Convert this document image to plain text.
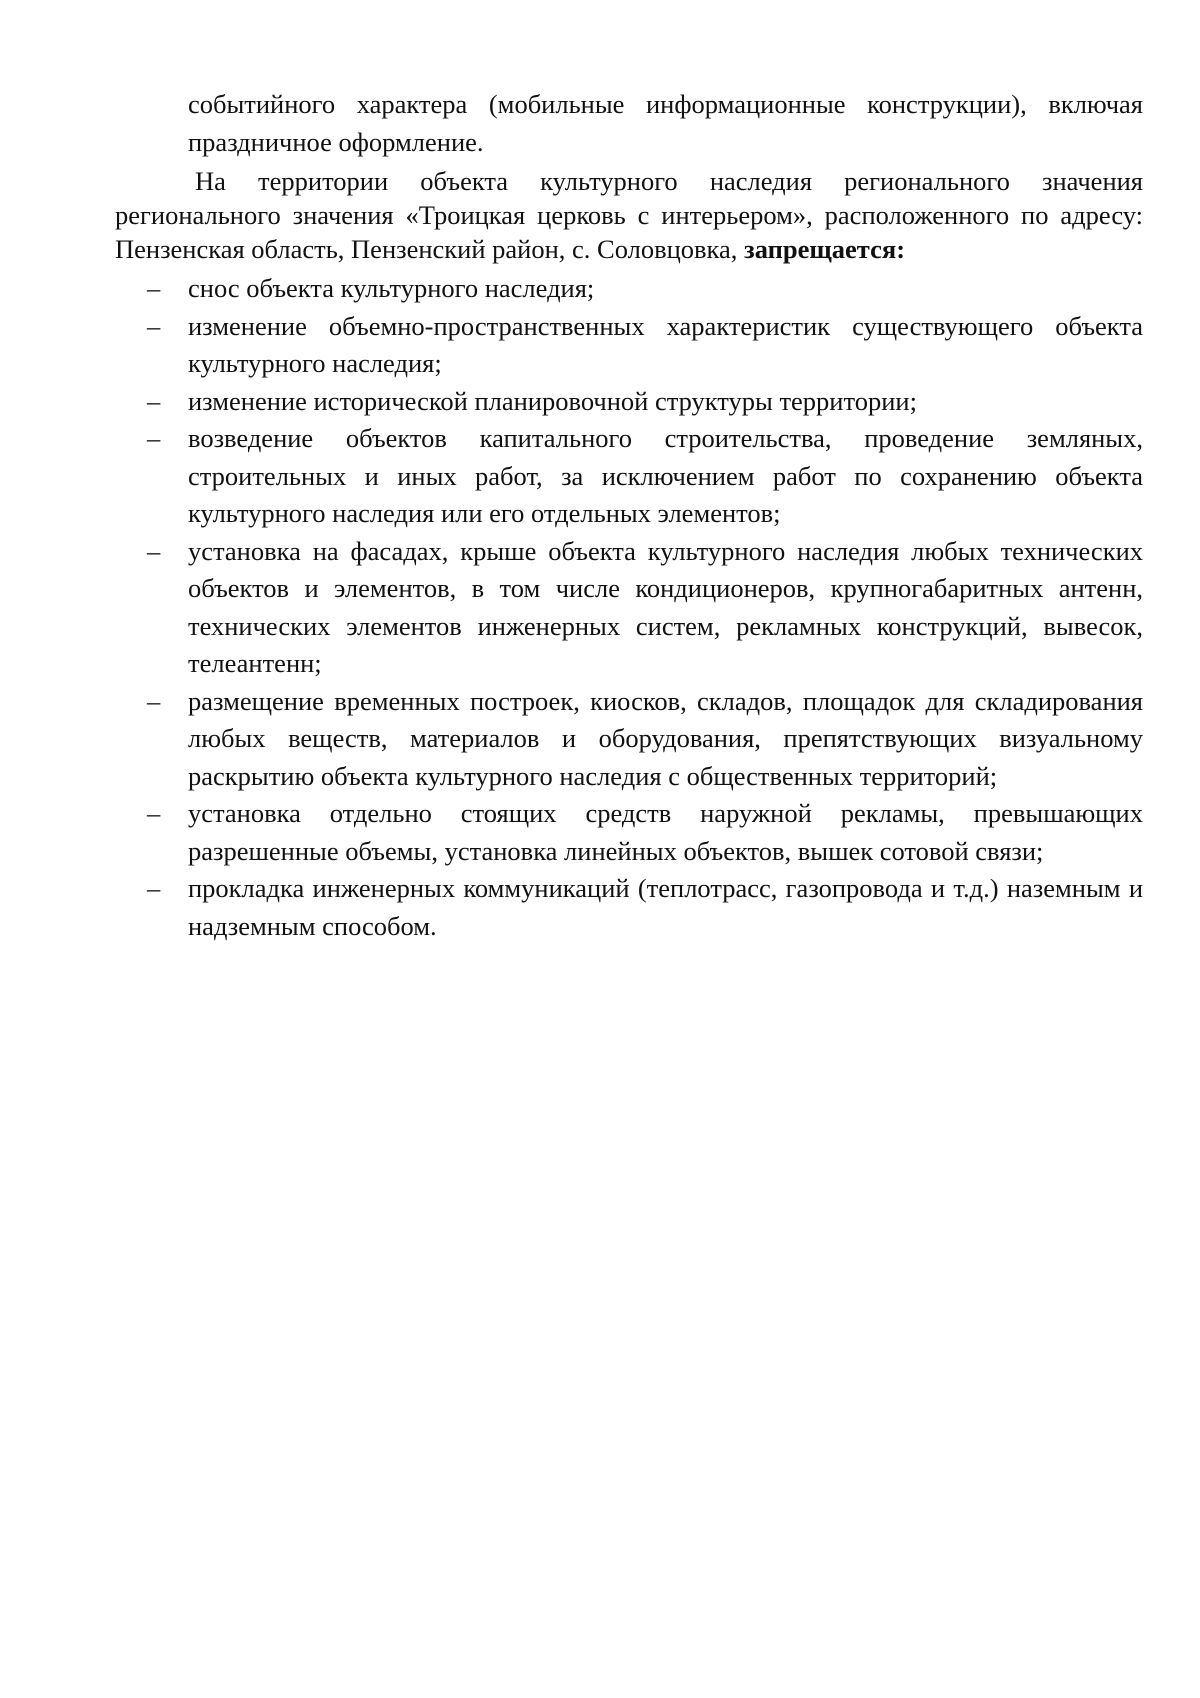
событийного характера (мобильные информационные конструкции), включая праздничное оформление.

На территории объекта культурного наследия регионального значения регионального значения «Троицкая церковь с интерьером», расположенного по адресу: Пензенская область, Пензенский район, с. Соловцовка, запрещается:

– снос объекта культурного наследия;
– изменение объемно-пространственных характеристик существующего объекта культурного наследия;
– изменение исторической планировочной структуры территории;
– возведение объектов капитального строительства, проведение земляных, строительных и иных работ, за исключением работ по сохранению объекта культурного наследия или его отдельных элементов;
– установка на фасадах, крыше объекта культурного наследия любых технических объектов и элементов, в том числе кондиционеров, крупногабаритных антенн, технических элементов инженерных систем, рекламных конструкций, вывесок, телеантенн;
– размещение временных построек, киосков, складов, площадок для складирования любых веществ, материалов и оборудования, препятствующих визуальному раскрытию объекта культурного наследия с общественных территорий;
– установка отдельно стоящих средств наружной рекламы, превышающих разрешенные объемы, установка линейных объектов, вышек сотовой связи;
– прокладка инженерных коммуникаций (теплотрасс, газопровода и т.д.) наземным и надземным способом.
